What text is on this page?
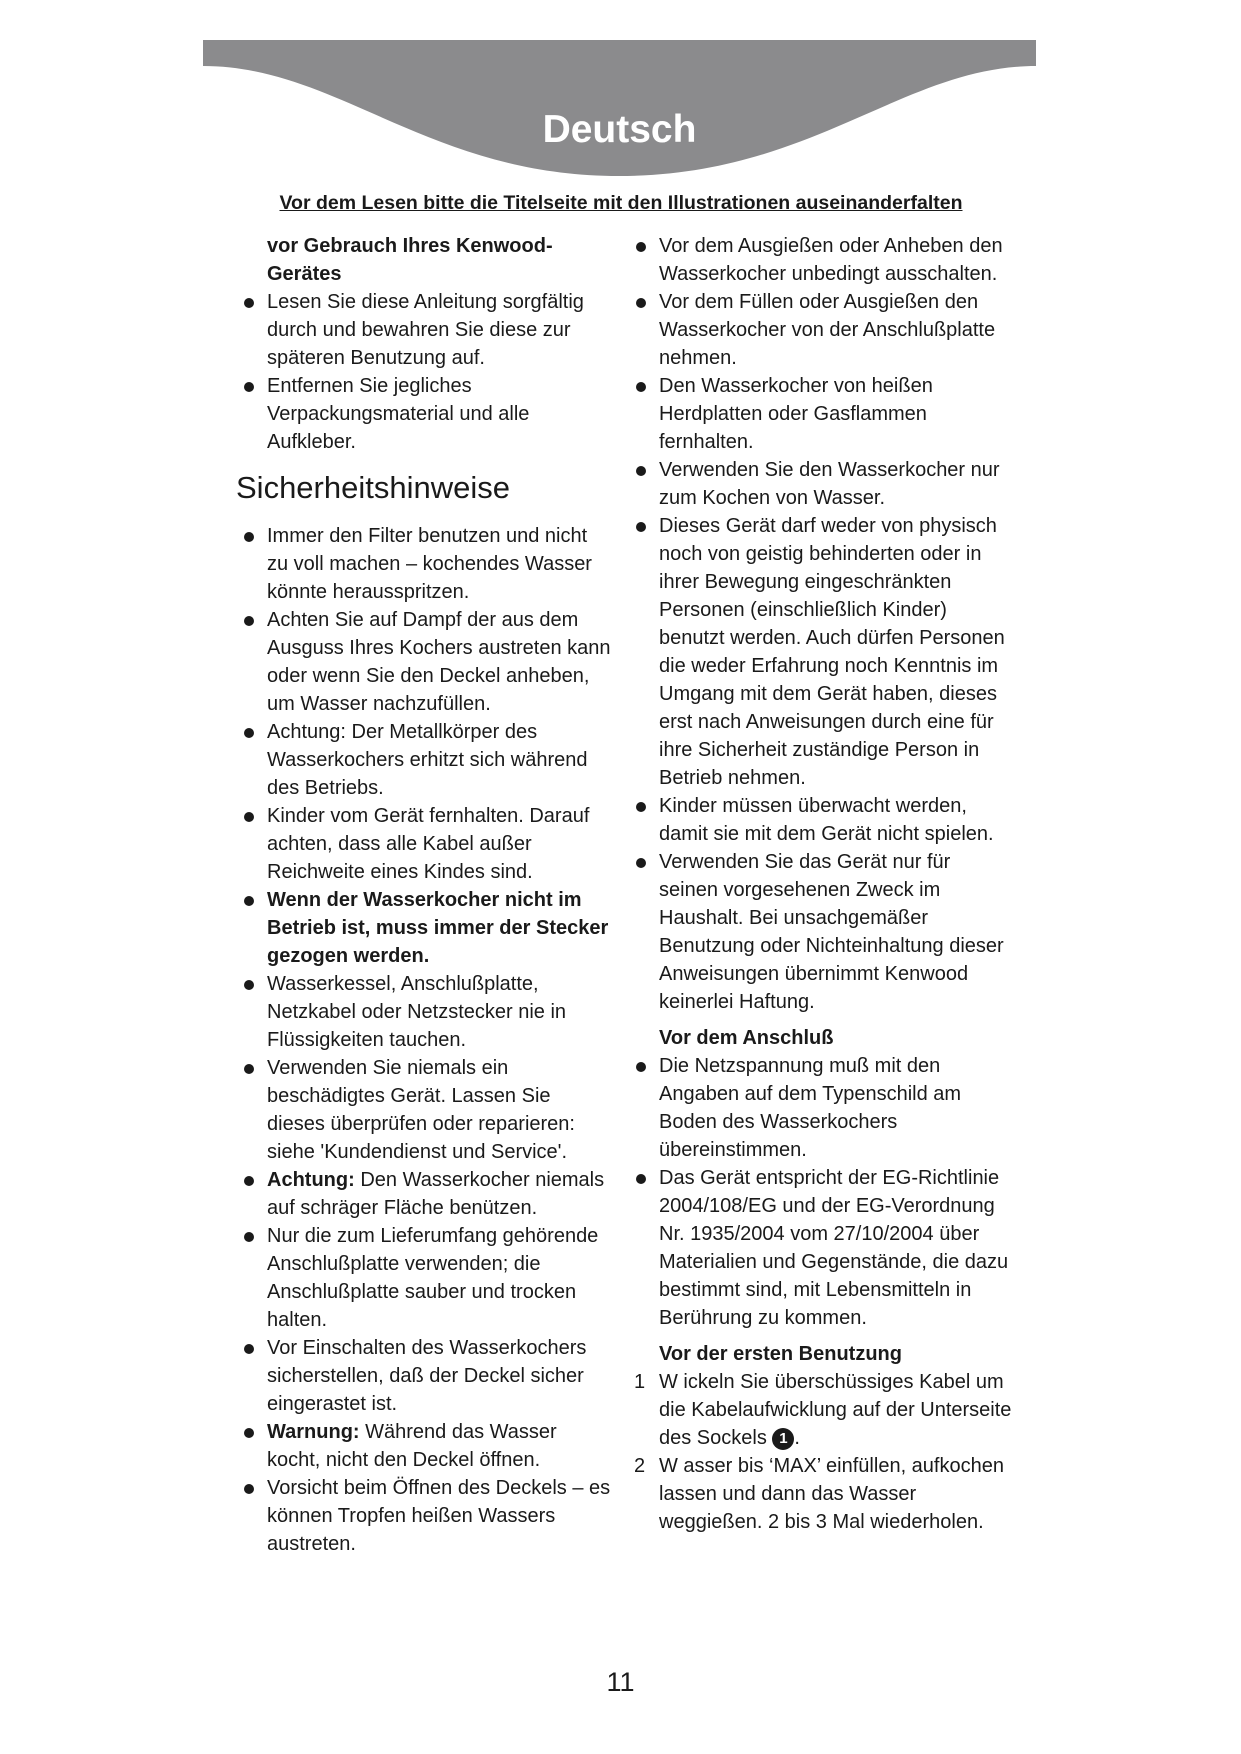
Deutsch
Vor dem Lesen bitte die Titelseite mit den Illustrationen auseinanderfalten
vor Gebrauch Ihres Kenwood-Gerätes
Lesen Sie diese Anleitung sorgfältig durch und bewahren Sie diese zur späteren Benutzung auf.
Entfernen Sie jegliches Verpackungsmaterial und alle Aufkleber.
Sicherheitshinweise
Immer den Filter benutzen und nicht zu voll machen – kochendes Wasser könnte herausspritzen.
Achten Sie auf Dampf der aus dem Ausguss Ihres Kochers austreten kann oder wenn Sie den Deckel anheben, um Wasser nachzufüllen.
Achtung: Der Metallkörper des Wasserkochers erhitzt sich während des Betriebs.
Kinder vom Gerät fernhalten. Darauf achten, dass alle Kabel außer Reichweite eines Kindes sind.
Wenn der Wasserkocher nicht im Betrieb ist, muss immer der Stecker gezogen werden.
Wasserkessel, Anschlußplatte, Netzkabel oder Netzstecker nie in Flüssigkeiten tauchen.
Verwenden Sie niemals ein beschädigtes Gerät. Lassen Sie dieses überprüfen oder reparieren: siehe 'Kundendienst und Service'.
Achtung: Den Wasserkocher niemals auf schräger Fläche benützen.
Nur die zum Lieferumfang gehörende Anschlußplatte verwenden; die Anschlußplatte sauber und trocken halten.
Vor Einschalten des Wasserkochers sicherstellen, daß der Deckel sicher eingerastet ist.
Warnung: Während das Wasser kocht, nicht den Deckel öffnen.
Vorsicht beim Öffnen des Deckels – es können Tropfen heißen Wassers austreten.
Vor dem Ausgießen oder Anheben den Wasserkocher unbedingt ausschalten.
Vor dem Füllen oder Ausgießen den Wasserkocher von der Anschlußplatte nehmen.
Den Wasserkocher von heißen Herdplatten oder Gasflammen fernhalten.
Verwenden Sie den Wasserkocher nur zum Kochen von Wasser.
Dieses Gerät darf weder von physisch noch von geistig behinderten oder in ihrer Bewegung eingeschränkten Personen (einschließlich Kinder) benutzt werden. Auch dürfen Personen die weder Erfahrung noch Kenntnis im Umgang mit dem Gerät haben, dieses erst nach Anweisungen durch eine für ihre Sicherheit zuständige Person in Betrieb nehmen.
Kinder müssen überwacht werden, damit sie mit dem Gerät nicht spielen.
Verwenden Sie das Gerät nur für seinen vorgesehenen Zweck im Haushalt. Bei unsachgemäßer Benutzung oder Nichteinhaltung dieser Anweisungen übernimmt Kenwood keinerlei Haftung.
Vor dem Anschluß
Die Netzspannung muß mit den Angaben auf dem Typenschild am Boden des Wasserkochers übereinstimmen.
Das Gerät entspricht der EG-Richtlinie 2004/108/EG und der EG-Verordnung Nr. 1935/2004 vom 27/10/2004 über Materialien und Gegenstände, die dazu bestimmt sind, mit Lebensmitteln in Berührung zu kommen.
Vor der ersten Benutzung
1 W ickeln Sie überschüssiges Kabel um die Kabelaufwicklung auf der Unterseite des Sockels 1 .
2 W asser bis ‘MAX’ einfüllen, aufkochen lassen und dann das Wasser weggießen. 2 bis 3 Mal wiederholen.
11
